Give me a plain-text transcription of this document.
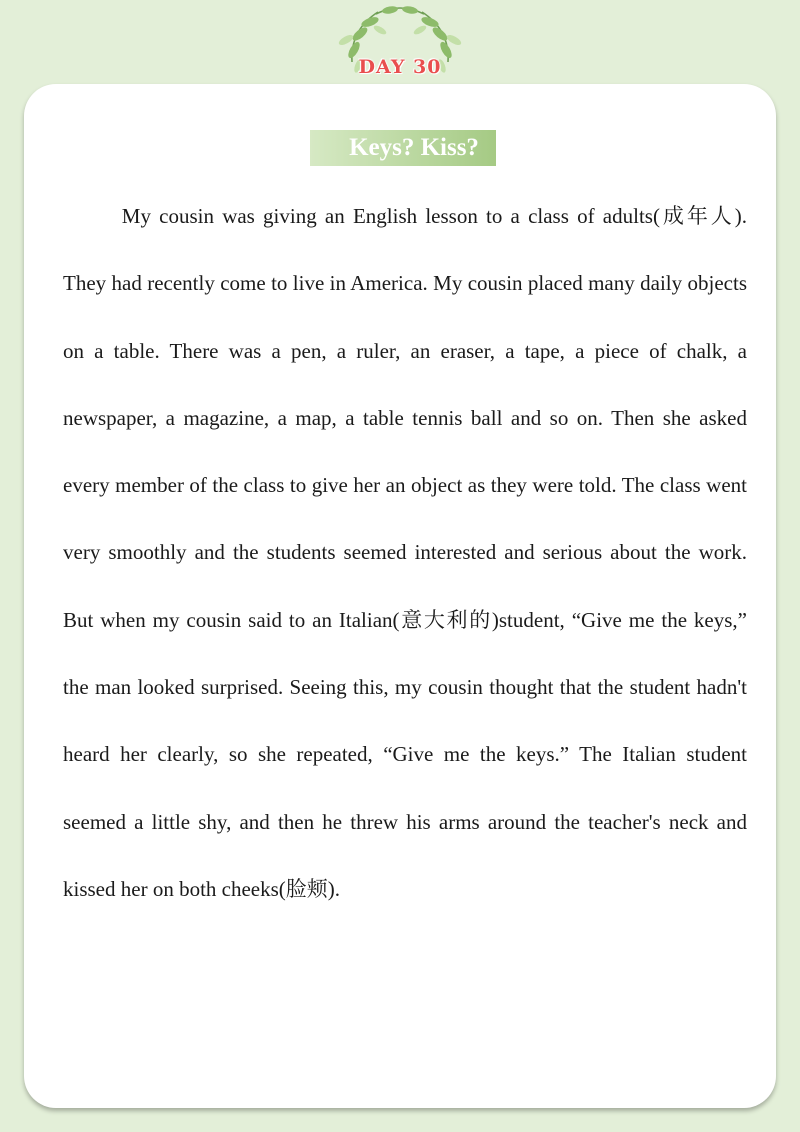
DAY 30
Keys? Kiss?

My cousin was giving an English lesson to a class of adults(成年人). They had recently come to live in America. My cousin placed many daily objects on a table. There was a pen, a ruler, an eraser, a tape, a piece of chalk, a newspaper, a magazine, a map, a table tennis ball and so on. Then she asked every member of the class to give her an object as they were told. The class went very smoothly and the students seemed interested and serious about the work. But when my cousin said to an Italian(意大利的)student, “Give me the keys,” the man looked surprised. Seeing this, my cousin thought that the student hadn't heard her clearly, so she repeated, “Give me the keys.” The Italian student seemed a little shy, and then he threw his arms around the teacher's neck and kissed her on both cheeks(脸颊).
